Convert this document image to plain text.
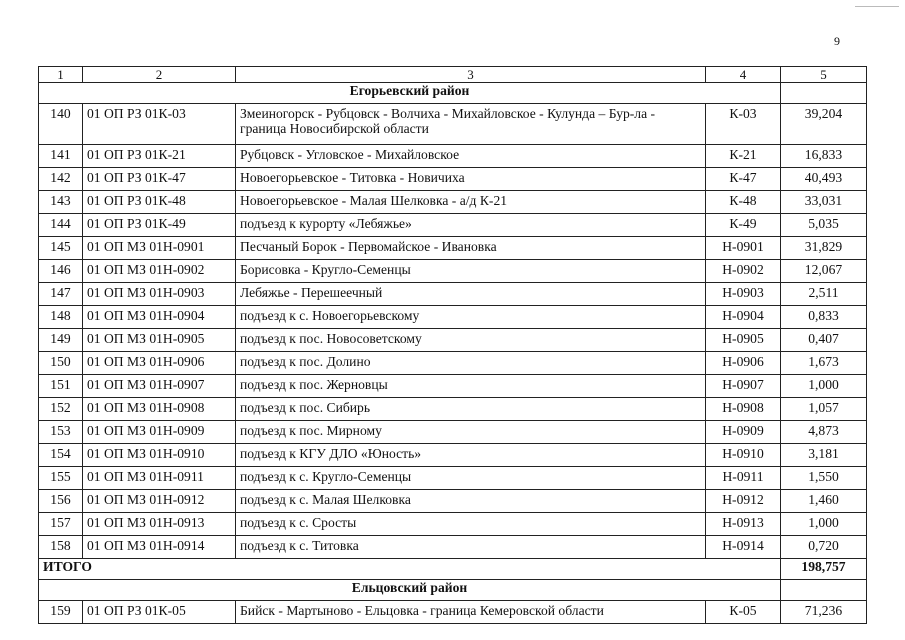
9
1	2	3	4	5
Егорьевский район				
140	01 ОП РЗ 01К-03	Змеиногорск - Рубцовск - Волчиха - Михайловское - Кулунда – Бур-ла - граница Новосибирской области	К-03	39,204
141	01 ОП РЗ 01К-21	Рубцовск - Угловское - Михайловское	К-21	16,833
142	01 ОП РЗ 01К-47	Новоегорьевское - Титовка - Новичиха	К-47	40,493
143	01 ОП РЗ 01К-48	Новоегорьевское - Малая Шелковка - а/д К-21	К-48	33,031
144	01 ОП РЗ 01К-49	подъезд к курорту «Лебяжье»	К-49	5,035
145	01 ОП МЗ 01Н-0901	Песчаный Борок - Первомайское - Ивановка	Н-0901	31,829
146	01 ОП МЗ 01Н-0902	Борисовка - Кругло-Семенцы	Н-0902	12,067
147	01 ОП МЗ 01Н-0903	Лебяжье - Перешеечный	Н-0903	2,511
148	01 ОП МЗ 01Н-0904	подъезд к с. Новоегорьевскому	Н-0904	0,833
149	01 ОП МЗ 01Н-0905	подъезд к пос. Новосоветскому	Н-0905	0,407
150	01 ОП МЗ 01Н-0906	подъезд к пос. Долино	Н-0906	1,673
151	01 ОП МЗ 01Н-0907	подъезд к пос. Жерновцы	Н-0907	1,000
152	01 ОП МЗ 01Н-0908	подъезд к пос. Сибирь	Н-0908	1,057
153	01 ОП МЗ 01Н-0909	подъезд к пос. Мирному	Н-0909	4,873
154	01 ОП МЗ 01Н-0910	подъезд к КГУ ДЛО «Юность»	Н-0910	3,181
155	01 ОП МЗ 01Н-0911	подъезд к с. Кругло-Семенцы	Н-0911	1,550
156	01 ОП МЗ 01Н-0912	подъезд к с. Малая Шелковка	Н-0912	1,460
157	01 ОП МЗ 01Н-0913	подъезд к с. Сросты	Н-0913	1,000
158	01 ОП МЗ 01Н-0914	подъезд к с. Титовка	Н-0914	0,720
ИТОГО				198,757
Ельцовский район				
159	01 ОП РЗ 01К-05	Бийск - Мартыново - Ельцовка - граница Кемеровской области	К-05	71,236
